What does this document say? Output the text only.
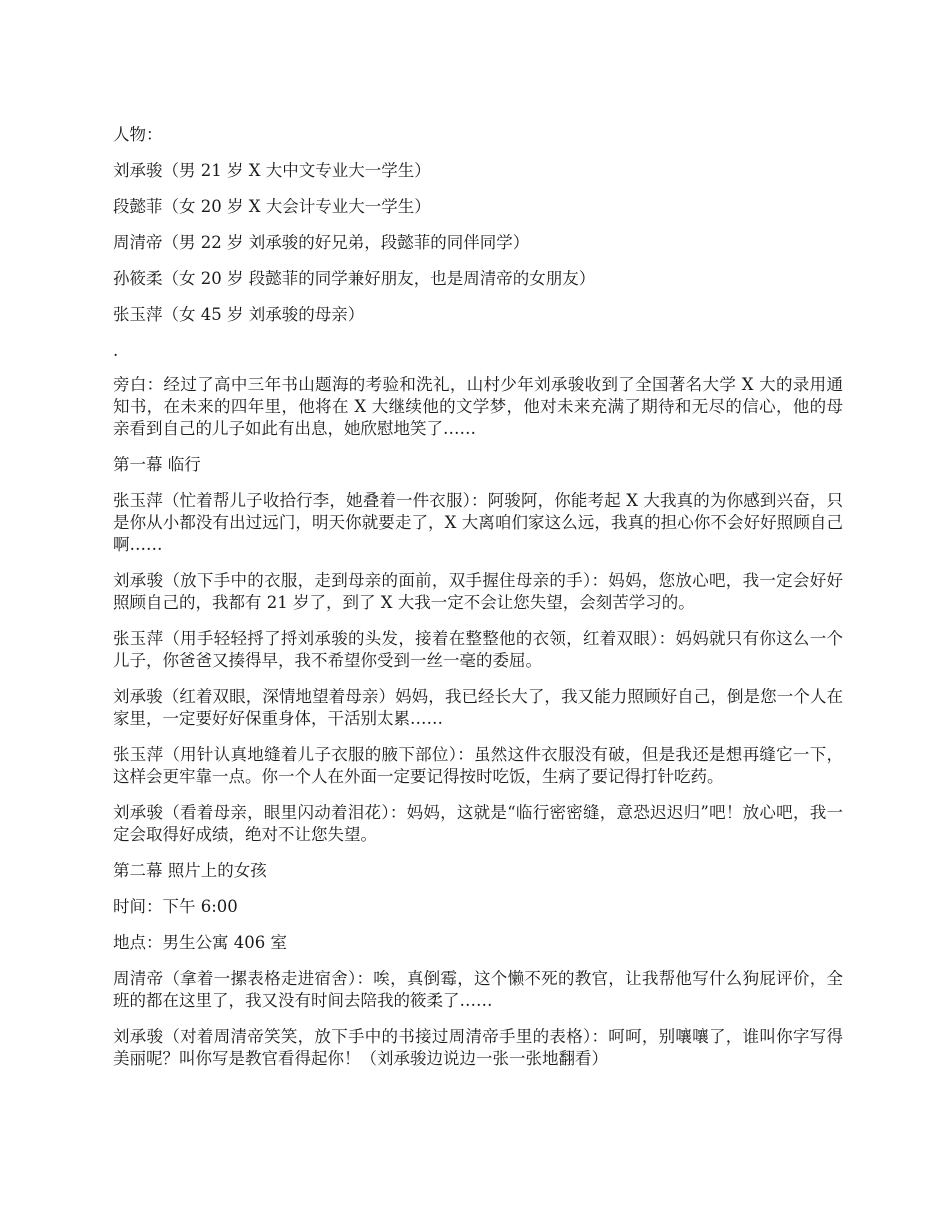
人物：

刘承骏（男 21 岁 X 大中文专业大一学生）

段懿菲（女 20 岁 X 大会计专业大一学生）

周清帝（男 22 岁 刘承骏的好兄弟，段懿菲的同伴同学）

孙筱柔（女 20 岁 段懿菲的同学兼好朋友，也是周清帝的女朋友）

张玉萍（女 45 岁 刘承骏的母亲）

.

旁白：经过了高中三年书山题海的考验和洗礼，山村少年刘承骏收到了全国著名大学 X 大的录用通知书，在未来的四年里，他将在 X 大继续他的文学梦，他对未来充满了期待和无尽的信心，他的母亲看到自己的儿子如此有出息，她欣慰地笑了……

第一幕 临行

张玉萍（忙着帮儿子收拾行李，她叠着一件衣服）：阿骏阿，你能考起 X 大我真的为你感到兴奋，只是你从小都没有出过远门，明天你就要走了，X 大离咱们家这么远，我真的担心你不会好好照顾自己啊……

刘承骏（放下手中的衣服，走到母亲的面前，双手握住母亲的手）：妈妈，您放心吧，我一定会好好照顾自己的，我都有 21 岁了，到了 X 大我一定不会让您失望，会刻苦学习的。

张玉萍（用手轻轻捋了捋刘承骏的头发，接着在整整他的衣领，红着双眼）：妈妈就只有你这么一个儿子，你爸爸又揍得早，我不希望你受到一丝一毫的委屈。

刘承骏（红着双眼，深情地望着母亲）妈妈，我已经长大了，我又能力照顾好自己，倒是您一个人在家里，一定要好好保重身体，干活别太累……

张玉萍（用针认真地缝着儿子衣服的腋下部位）：虽然这件衣服没有破，但是我还是想再缝它一下，这样会更牢靠一点。你一个人在外面一定要记得按时吃饭，生病了要记得打针吃药。

刘承骏（看着母亲，眼里闪动着泪花）：妈妈，这就是“临行密密缝，意恐迟迟归”吧！放心吧，我一定会取得好成绩，绝对不让您失望。

第二幕 照片上的女孩

时间：下午 6:00

地点：男生公寓 406 室

周清帝（拿着一摞表格走进宿舍）：唉，真倒霉，这个懒不死的教官，让我帮他写什么狗屁评价，全班的都在这里了，我又没有时间去陪我的筱柔了……

刘承骏（对着周清帝笑笑，放下手中的书接过周清帝手里的表格）：呵呵，别嚷嚷了，谁叫你字写得美丽呢？叫你写是教官看得起你！（刘承骏边说边一张一张地翻看）
